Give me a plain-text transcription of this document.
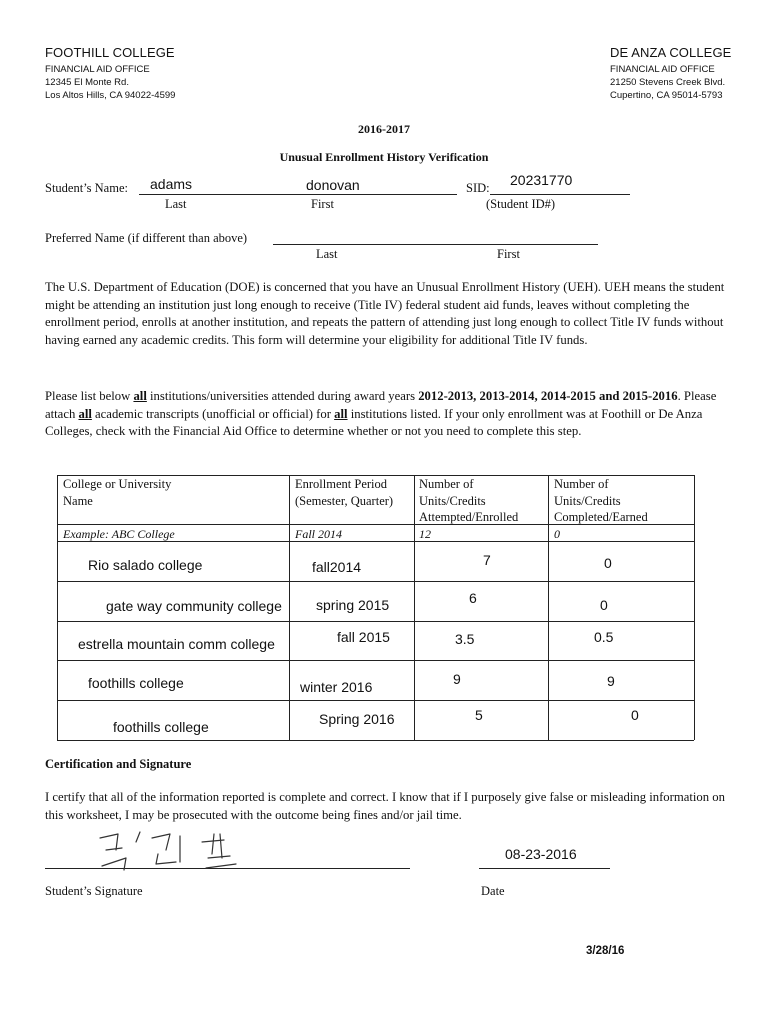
FOOTHILL COLLEGE
FINANCIAL AID OFFICE
12345 El Monte Rd.
Los Altos Hills, CA 94022-4599
DE ANZA COLLEGE
FINANCIAL AID OFFICE
21250 Stevens Creek Blvd.
Cupertino, CA 95014-5793
2016-2017
Unusual Enrollment History Verification
Student’s Name: adams	donovan
Last	First
SID: 20231770
(Student ID#)
Preferred Name (if different than above)
Last	First
The U.S. Department of Education (DOE) is concerned that you have an Unusual Enrollment History (UEH). UEH means the student might be attending an institution just long enough to receive (Title IV) federal student aid funds, leaves without completing the enrollment period, enrolls at another institution, and repeats the pattern of attending just long enough to collect Title IV funds without having earned any academic credits. This form will determine your eligibility for additional Title IV funds.
Please list below all institutions/universities attended during award years 2012-2013, 2013-2014, 2014-2015 and 2015-2016. Please attach all academic transcripts (unofficial or official) for all institutions listed. If your only enrollment was at Foothill or De Anza Colleges, check with the Financial Aid Office to determine whether or not you need to complete this step.
College or University
Name
Enrollment Period
(Semester, Quarter)
Number of
Units/Credits
Attempted/Enrolled
Number of
Units/Credits
Completed/Earned
Example: ABC College	Fall 2014	12	0
Rio salado college	fall2014	7	0
gate way community college spring 2015	6	0
estrella mountain comm college	fall 2015	3.5	0.5
foothills college	winter 2016	9	9
foothills college	Spring 2016	5	0
Certification and Signature
I certify that all of the information reported is complete and correct. I know that if I purposely give false or misleading information on this worksheet, I may be prosecuted with the outcome being fines and/or jail time.
Student’s Signature
08-23-2016
Date
3/28/16
